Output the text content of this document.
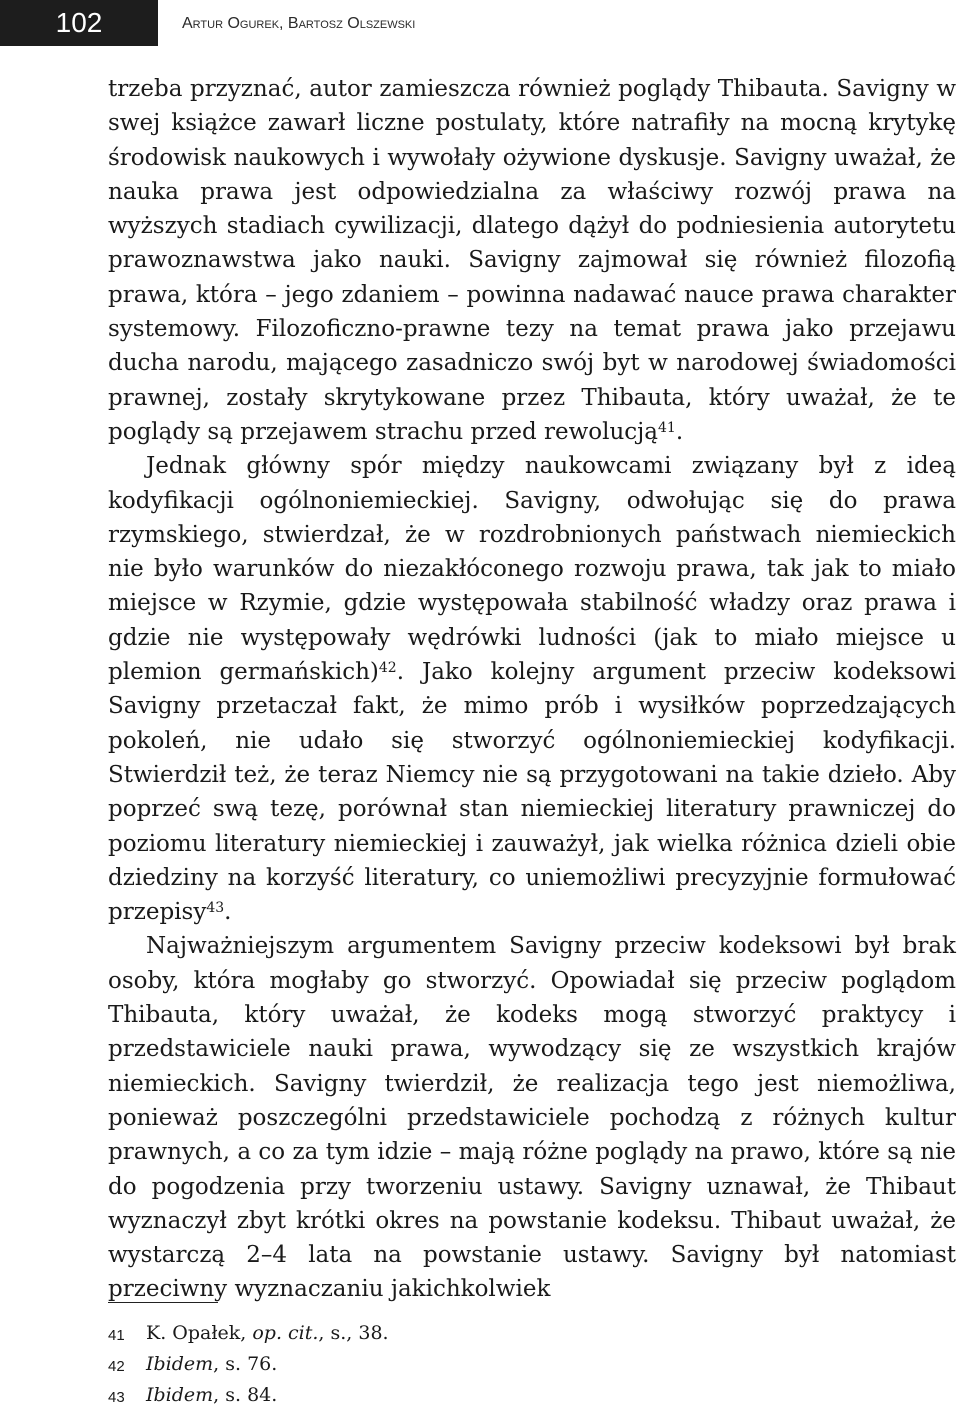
102	Artur Ogurek, Bartosz Olszewski

trzeba przyznać, autor zamieszcza również poglądy Thibauta. Savigny w swej książce zawarł liczne postulaty, które natrafiły na mocną krytykę środowisk naukowych i wywołały ożywione dyskusje. Savigny uważał, że nauka prawa jest odpowiedzialna za właściwy rozwój prawa na wyższych stadiach cywilizacji, dlatego dążył do podniesienia autorytetu prawoznawstwa jako nauki. Savigny zajmował się również filozofią prawa, która – jego zdaniem – powinna nadawać nauce prawa charakter systemowy. Filozoficzno-prawne tezy na temat prawa jako przejawu ducha narodu, mającego zasadniczo swój byt w narodowej świadomości prawnej, zostały skrytykowane przez Thibauta, który uważał, że te poglądy są przejawem strachu przed rewolucją$^{41}$.

Jednak główny spór między naukowcami związany był z ideą kodyfikacji ogólnoniemieckiej. Savigny, odwołując się do prawa rzymskiego, stwierdzał, że w rozdrobnionych państwach niemieckich nie było warunków do niezakłóconego rozwoju prawa, tak jak to miało miejsce w Rzymie, gdzie występowała stabilność władzy oraz prawa i gdzie nie występowały wędrówki ludności (jak to miało miejsce u plemion germańskich)$^{42}$. Jako kolejny argument przeciw kodeksowi Savigny przetaczał fakt, że mimo prób i wysiłków poprzedzających pokoleń, nie udało się stworzyć ogólnoniemieckiej kodyfikacji. Stwierdził też, że teraz Niemcy nie są przygotowani na takie dzieło. Aby poprzeć swą tezę, porównał stan niemieckiej literatury prawniczej do poziomu literatury niemieckiej i zauważył, jak wielka różnica dzieli obie dziedziny na korzyść literatury, co uniemożliwi precyzyjnie formułować przepisy$^{43}$.

Najważniejszym argumentem Savigny przeciw kodeksowi był brak osoby, która mogłaby go stworzyć. Opowiadał się przeciw poglądom Thibauta, który uważał, że kodeks mogą stworzyć praktycy i przedstawiciele nauki prawa, wywodzący się ze wszystkich krajów niemieckich. Savigny twierdził, że realizacja tego jest niemożliwa, ponieważ poszczególni przedstawiciele pochodzą z różnych kultur prawnych, a co za tym idzie – mają różne poglądy na prawo, które są nie do pogodzenia przy tworzeniu ustawy. Savigny uznawał, że Thibaut wyznaczył zbyt krótki okres na powstanie kodeksu. Thibaut uważał, że wystarczą 2–4 lata na powstanie ustawy. Savigny był natomiast przeciwny wyznaczaniu jakichkolwiek

41	K. Opałek, op. cit., s., 38.
42	Ibidem, s. 76.
43	Ibidem, s. 84.
